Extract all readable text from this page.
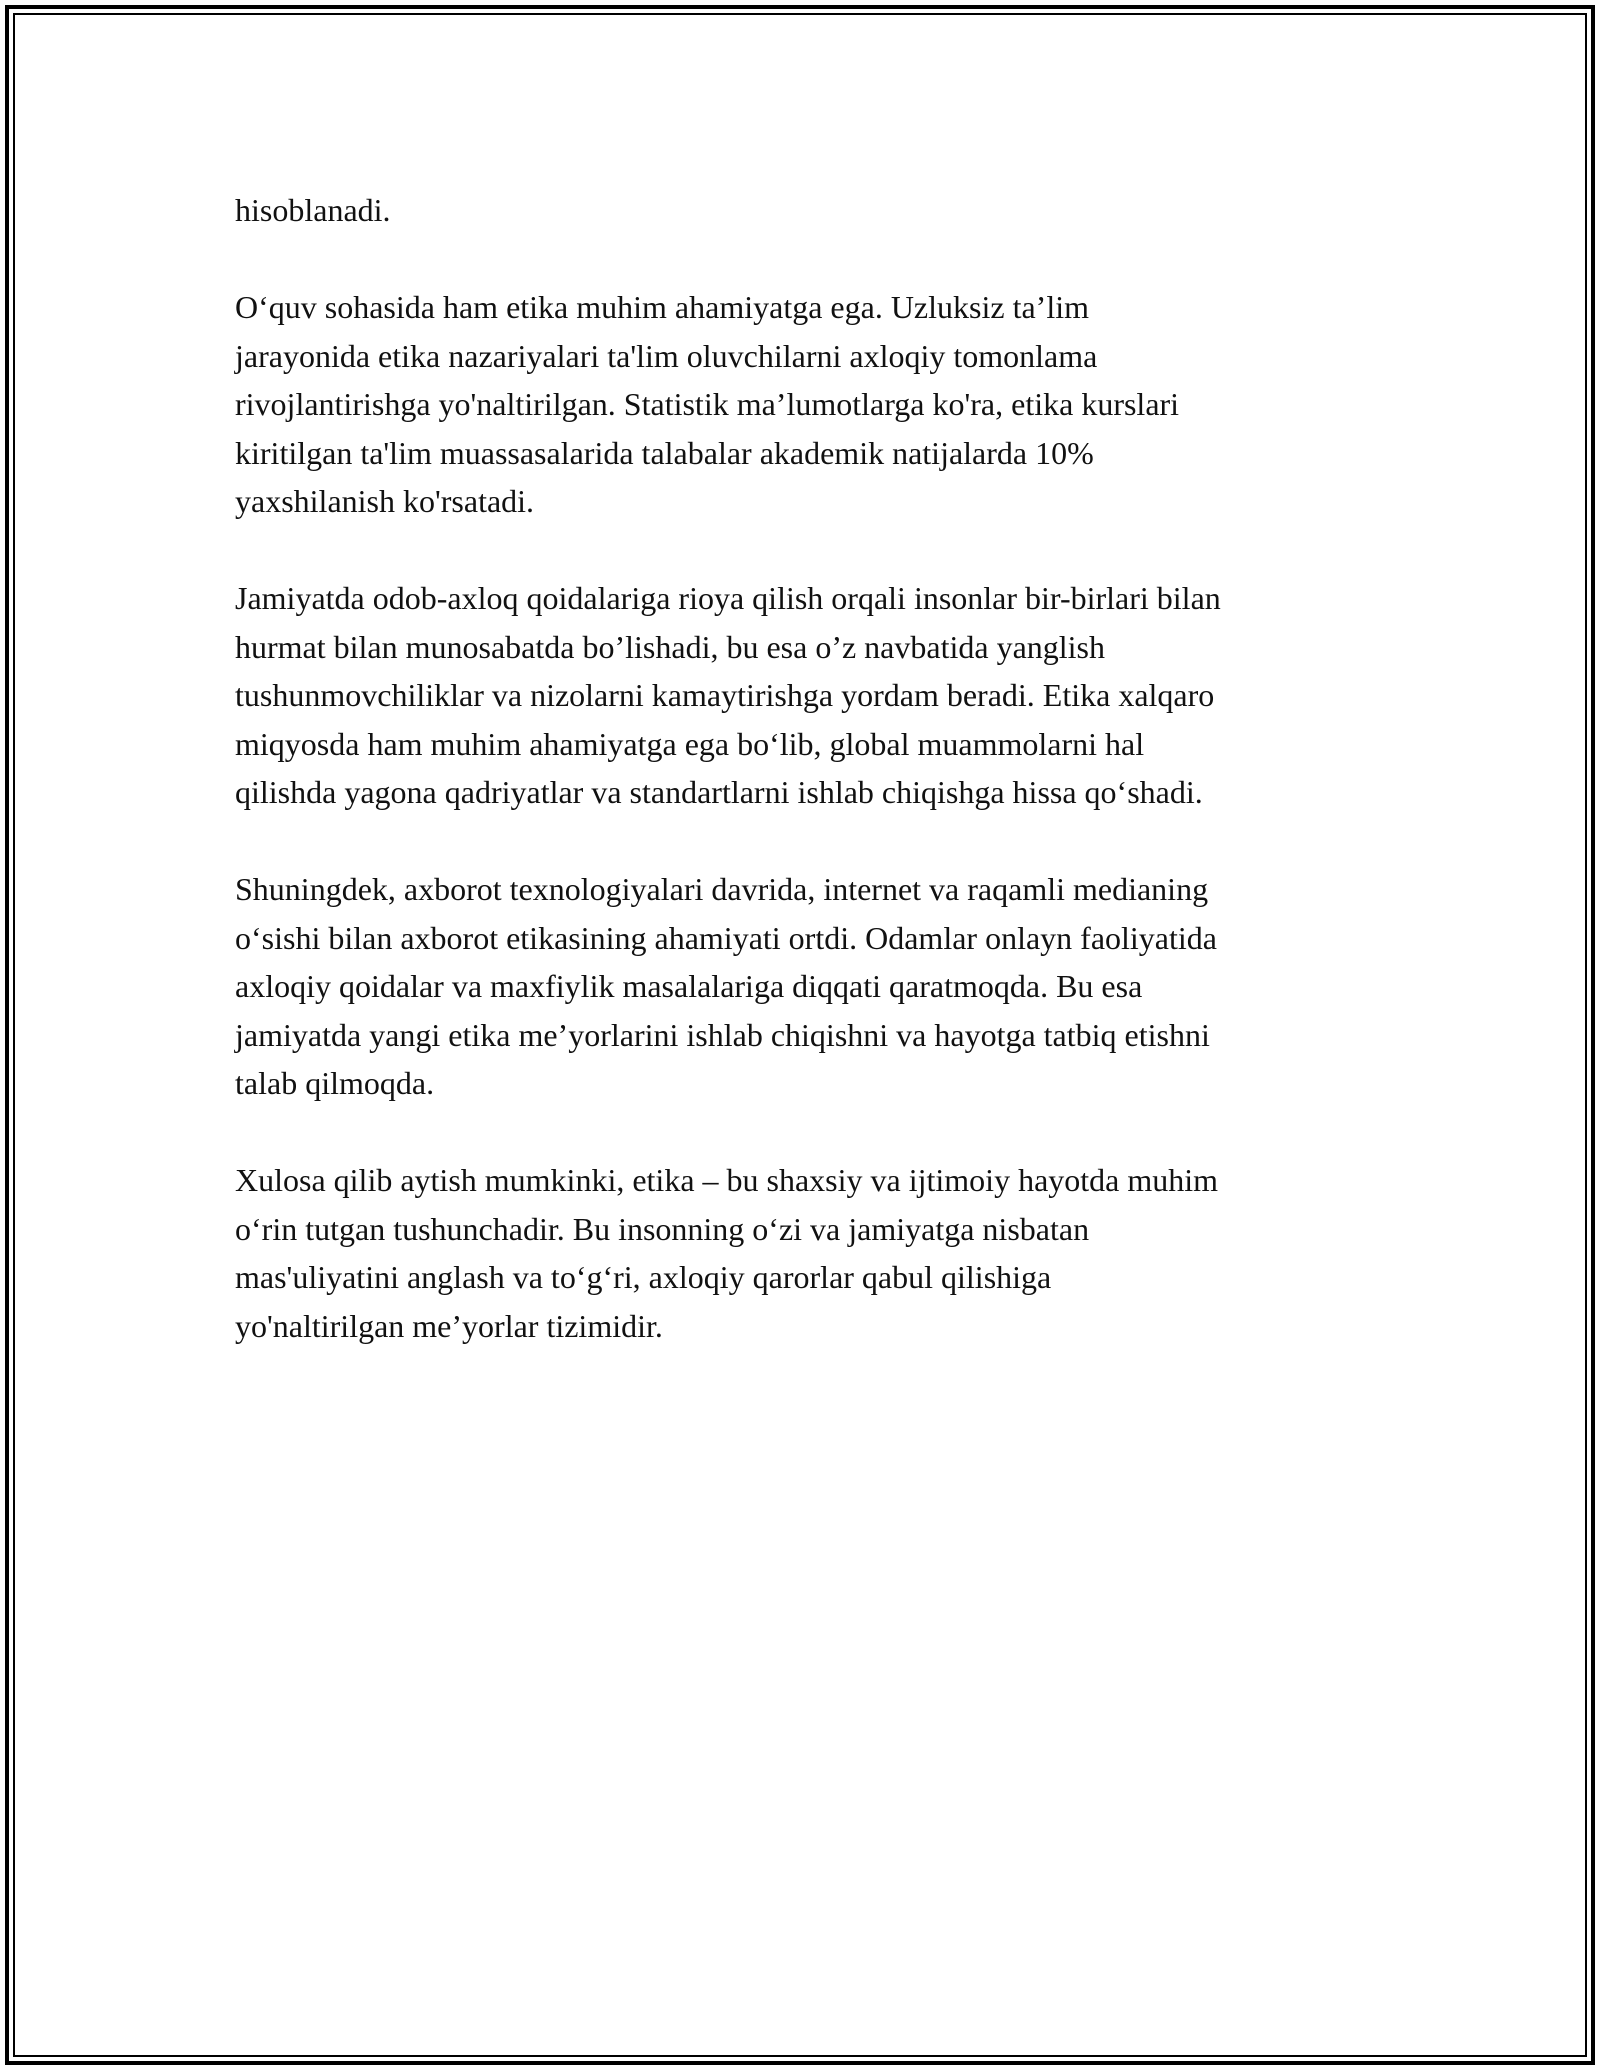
hisoblanadi.

O‘quv sohasida ham etika muhim ahamiyatga ega. Uzluksiz ta’lim
jarayonida etika nazariyalari ta'lim oluvchilarni axloqiy tomonlama
rivojlantirishga yo'naltirilgan. Statistik ma’lumotlarga ko'ra, etika kurslari
kiritilgan ta'lim muassasalarida talabalar akademik natijalarda 10%
yaxshilanish ko'rsatadi.

Jamiyatda odob-axloq qoidalariga rioya qilish orqali insonlar bir-birlari bilan
hurmat bilan munosabatda bo’lishadi, bu esa o’z navbatida yanglish
tushunmovchiliklar va nizolarni kamaytirishga yordam beradi. Etika xalqaro
miqyosda ham muhim ahamiyatga ega bo‘lib, global muammolarni hal
qilishda yagona qadriyatlar va standartlarni ishlab chiqishga hissa qo‘shadi.

Shuningdek, axborot texnologiyalari davrida, internet va raqamli medianing
o‘sishi bilan axborot etikasining ahamiyati ortdi. Odamlar onlayn faoliyatida
axloqiy qoidalar va maxfiylik masalalariga diqqati qaratmoqda. Bu esa
jamiyatda yangi etika me’yorlarini ishlab chiqishni va hayotga tatbiq etishni
talab qilmoqda.

Xulosa qilib aytish mumkinki, etika – bu shaxsiy va ijtimoiy hayotda muhim
o‘rin tutgan tushunchadir. Bu insonning o‘zi va jamiyatga nisbatan
mas'uliyatini anglash va to‘g‘ri, axloqiy qarorlar qabul qilishiga
yo'naltirilgan me’yorlar tizimidir.
